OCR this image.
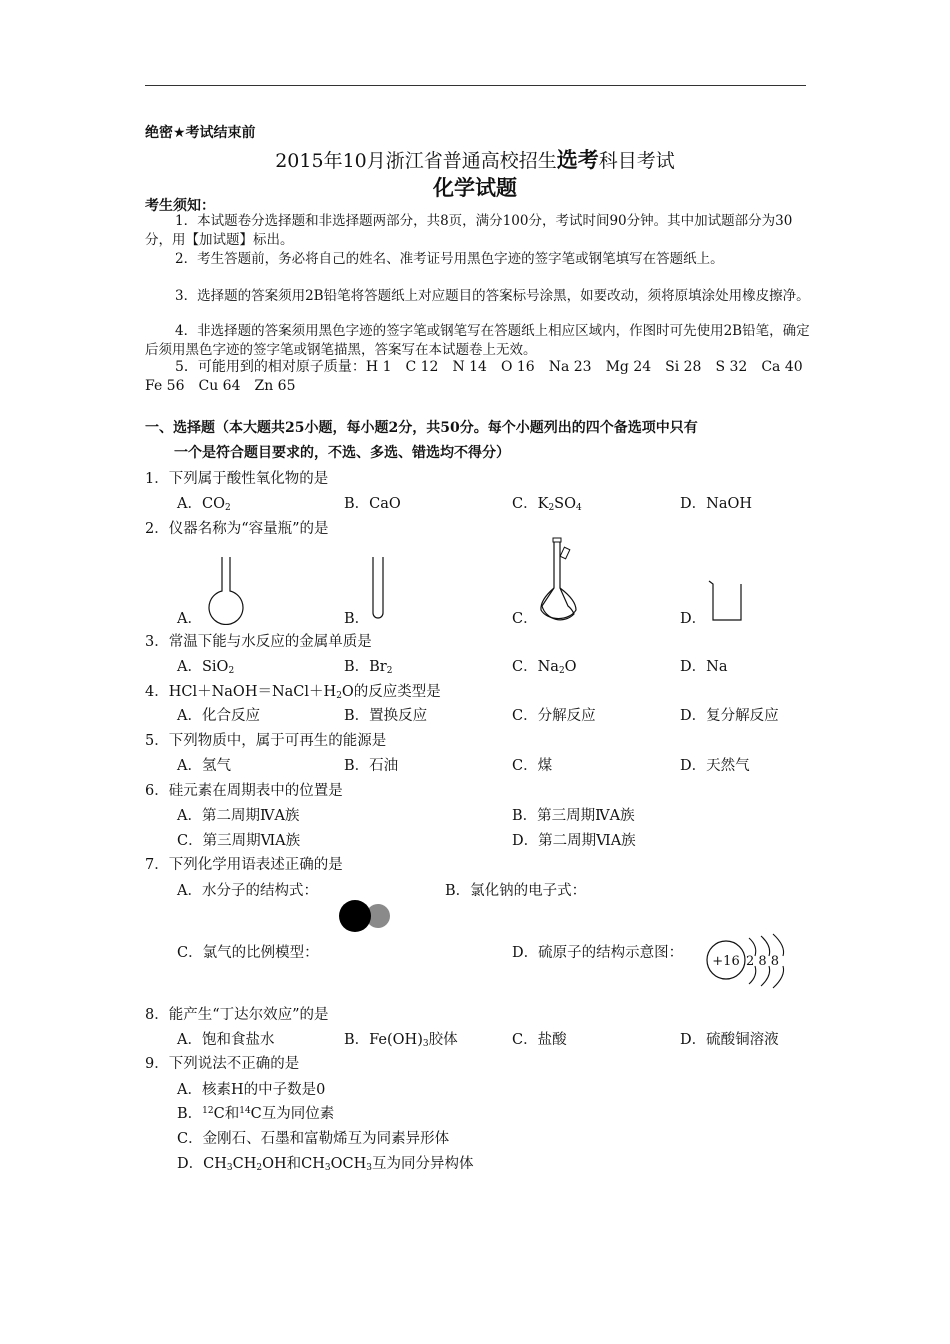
绝密★考试结束前
2015年10月浙江省普通高校招生选考科目考试
化学试题
考生须知：
1．本试题卷分选择题和非选择题两部分，共8页，满分100分，考试时间90分钟。其中加试题部分为30分，用【加试题】标出。
2．考生答题前，务必将自己的姓名、准考证号用黑色字迹的签字笔或钢笔填写在答题纸上。
3．选择题的答案须用2B铅笔将答题纸上对应题目的答案标号涂黑，如要改动，须将原填涂处用橡皮擦净。
4．非选择题的答案须用黑色字迹的签字笔或钢笔写在答题纸上相应区域内，作图时可先使用2B铅笔，确定后须用黑色字迹的签字笔或钢笔描黑，答案写在本试题卷上无效。
5．可能用到的相对原子质量：H 1　C 12　N 14　O 16　Na 23　Mg 24　Si 28　S 32　Ca 40　Fe 56　Cu 64　Zn 65
一、选择题（本大题共25小题，每小题2分，共50分。每个小题列出的四个备选项中只有
一个是符合题目要求的，不选、多选、错选均不得分）
1．下列属于酸性氧化物的是
A．$CO_2$	B．CaO	C．$K_2SO_4$	D．NaOH
2．仪器名称为“容量瓶”的是
A．	B．	C．	D．
3．常温下能与水反应的金属单质是
A．SiO$_2$	B．$Br_2$	C．$Na_2O$	D．Na
4．$HCl+NaOH=NaCl+H_2O$的反应类型是
A．化合反应	B．置换反应	C．分解反应	D．复分解反应
5．下列物质中，属于可再生的能源是
A．氢气	B．石油	C．煤	D．天然气
6．硅元素在周期表中的位置是
A．第二周期ⅣA族	B．第三周期ⅣA族
C．第三周期ⅥA族	D．第二周期ⅥA族
7．下列化学用语表述正确的是
A．水分子的结构式：	B．氯化钠的电子式：
C．氯气的比例模型：	D．硫原子的结构示意图：
+16 2 8 8
8．能产生“丁达尔效应”的是
A．饱和食盐水	B．$Fe(OH)_3$胶体	C．盐酸	D．硫酸铜溶液
9．下列说法不正确的是
A．核素H的中子数是0
B．$^{12}$C和$^{14}$C互为同位素
C．金刚石、石墨和富勒烯互为同素异形体
D．$CH_3CH_2OH$和$CH_3OCH_3$互为同分异构体
